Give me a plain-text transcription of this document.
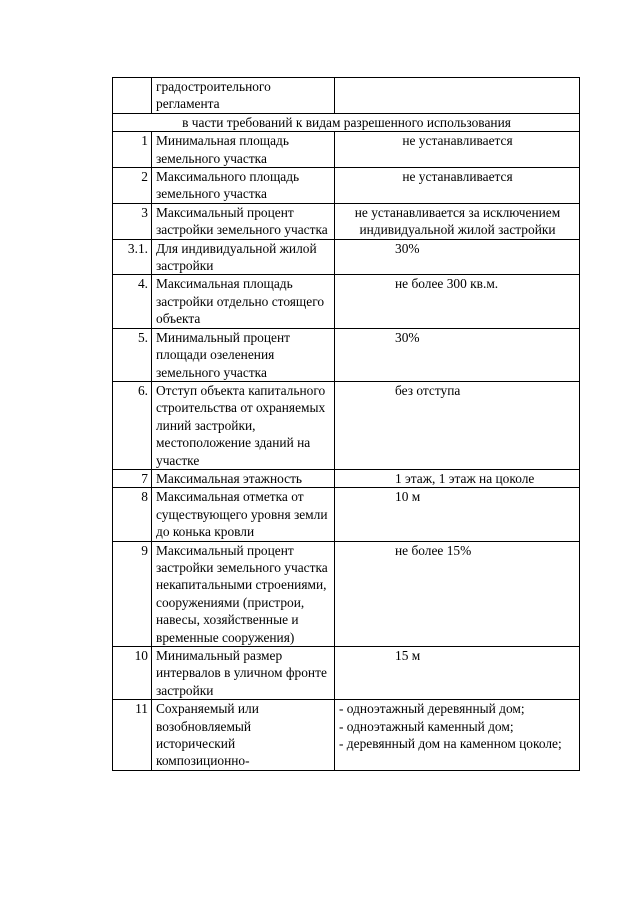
	градостроительного регламента	
в части требований к видам разрешенного использования		
1	Минимальная площадь земельного участка	не устанавливается
2	Максимального площадь земельного участка	не устанавливается
3	Максимальный процент застройки земельного участка	не устанавливается за исключением индивидуальной жилой застройки
3.1.	Для индивидуальной жилой застройки	30%
4.	Максимальная площадь застройки отдельно стоящего объекта	не более 300 кв.м.
5.	Минимальный процент площади озеленения земельного участка	30%
6.	Отступ объекта капитального строительства от охраняемых линий застройки, местоположение зданий на участке	без отступа
7	Максимальная этажность	1 этаж, 1 этаж на цоколе
8	Максимальная отметка от существующего уровня земли до конька кровли	10 м
9	Максимальный процент застройки земельного участка некапитальными строениями, сооружениями (пристрои, навесы, хозяйственные и временные сооружения)	не более 15%
10	Минимальный размер интервалов в уличном фронте застройки	15 м
11	Сохраняемый или возобновляемый исторический композиционно-	- одноэтажный деревянный дом;
- одноэтажный каменный дом;
- деревянный дом на каменном цоколе;
